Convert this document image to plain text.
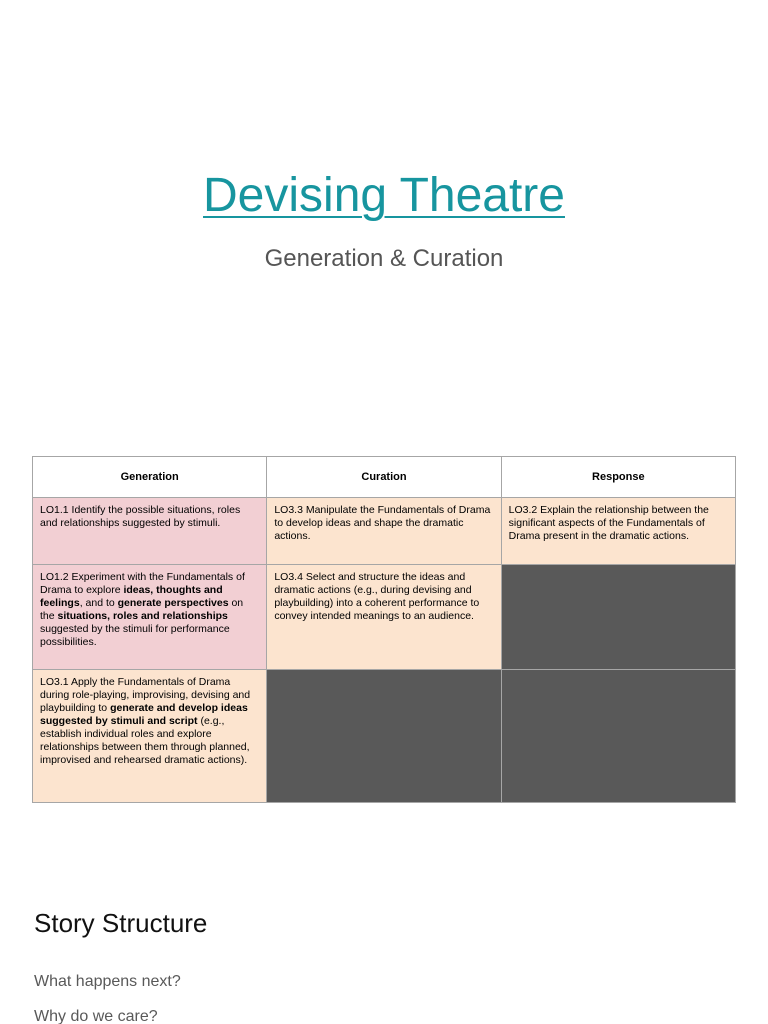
Devising Theatre
Generation & Curation
Generation	Curation	Response
LO1.1 Identify the possible situations, roles and relationships suggested by stimuli.	LO3.3 Manipulate the Fundamentals of Drama to develop ideas and shape the dramatic actions.	LO3.2 Explain the relationship between the significant aspects of the Fundamentals of Drama present in the dramatic actions.
LO1.2 Experiment with the Fundamentals of Drama to explore ideas, thoughts and feelings, and to generate perspectives on the situations, roles and relationships suggested by the stimuli for performance possibilities.	LO3.4 Select and structure the ideas and dramatic actions (e.g., during devising and playbuilding) into a coherent performance to convey intended meanings to an audience.	
LO3.1 Apply the Fundamentals of Drama during role-playing, improvising, devising and playbuilding to generate and develop ideas suggested by stimuli and script (e.g., establish individual roles and explore relationships between them through planned, improvised and rehearsed dramatic actions).		
Story Structure
What happens next?
Why do we care?
